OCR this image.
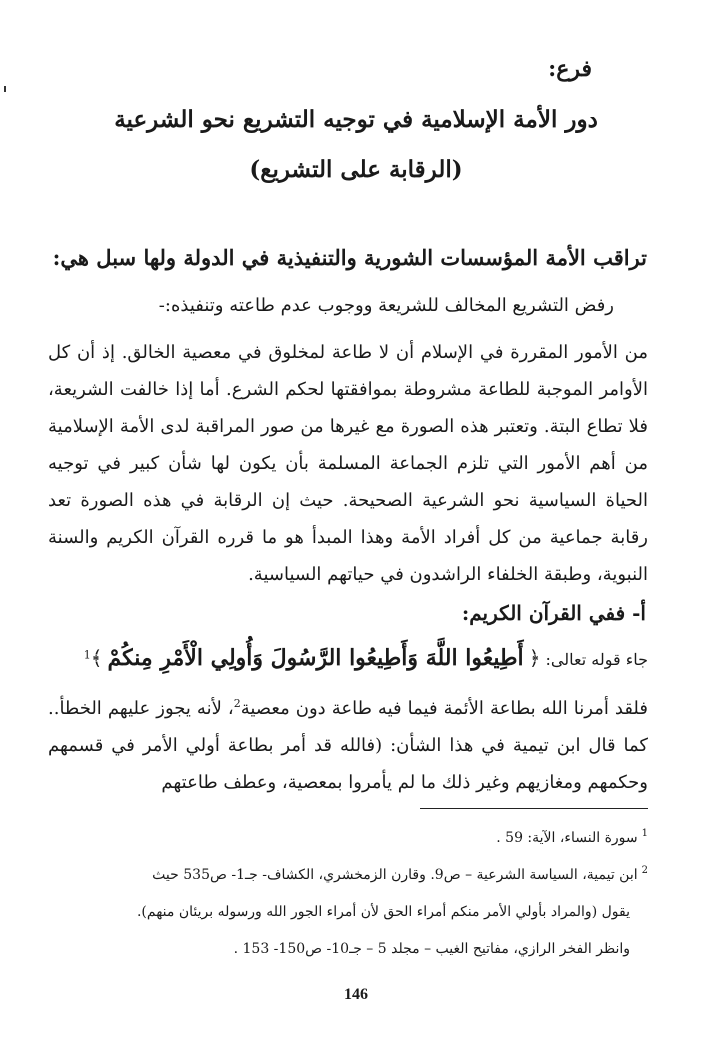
فرع:
دور الأمة الإسلامية في توجيه التشريع نحو الشرعية
(الرقابة على التشريع)
تراقب الأمة المؤسسات الشورية والتنفيذية في الدولة ولها سبل هي:

رفض التشريع المخالف للشريعة ووجوب عدم طاعته وتنفيذه:-

من الأمور المقررة في الإسلام أن لا طاعة لمخلوق في معصية الخالق. إذ أن كل الأوامر الموجبة للطاعة مشروطة بموافقتها لحكم الشرع. أما إذا خالفت الشريعة، فلا تطاع البتة. وتعتبر هذه الصورة مع غيرها من صور المراقبة لدى الأمة الإسلامية من أهم الأمور التي تلزم الجماعة المسلمة بأن يكون لها شأن كبير في توجيه الحياة السياسية نحو الشرعية الصحيحة. حيث إن الرقابة في هذه الصورة تعد رقابة جماعية من كل أفراد الأمة وهذا المبدأ هو ما قرره القرآن الكريم والسنة النبوية، وطبقة الخلفاء الراشدون في حياتهم السياسية.

أ- ففي القرآن الكريم:

جاء قوله تعالى: ﴿ أَطِيعُوا اللَّهَ وَأَطِيعُوا الرَّسُولَ وَأُولِي الْأَمْرِ مِنكُمْ ﴾$^1$

فلقد أمرنا الله بطاعة الأئمة فيما فيه طاعة دون معصية$^2$، لأنه يجوز عليهم الخطأ.. كما قال ابن تيمية في هذا الشأن: (فالله قد أمر بطاعة أولي الأمر في قسمهم وحكمهم ومغازيهم وغير ذلك ما لم يأمروا بمعصية، وعطف طاعتهم

$^1$سورة النساء، الآية: 59 .
$^2$ابن تيمية، السياسة الشرعية – ص9. وقارن الزمخشري، الكشاف- جـ1- ص535 حيث
يقول (والمراد بأولي الأمر منكم أمراء الحق لأن أمراء الجور الله ورسوله بريئان منهم).
وانظر الفخر الرازي، مفاتيح الغيب – مجلد 5 – جـ10- ص150- 153 .
146
